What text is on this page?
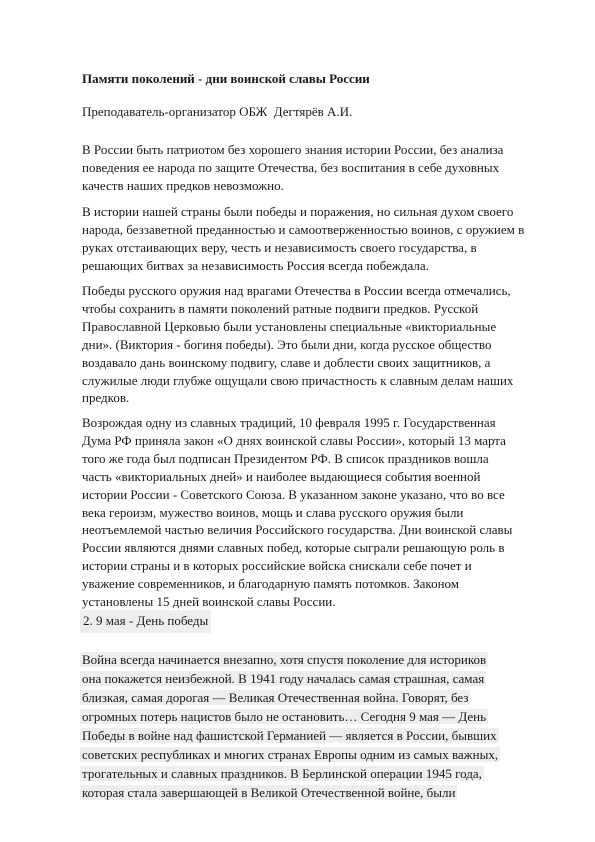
Памяти поколений - дни воинской славы России
Преподаватель-организатор ОБЖ  Дегтярёв А.И.
В России быть патриотом без хорошего знания истории России, без анализа
поведения ее народа по защите Отечества, без воспитания в себе духовных
качеств наших предков невозможно.
В истории нашей страны были победы и поражения, но сильная духом своего
народа, беззаветной преданностью и самоотверженностью воинов, с оружием в
руках отстаивающих веру, честь и независимость своего государства, в
решающих битвах за независимость Россия всегда побеждала.
Победы русского оружия над врагами Отечества в России всегда отмечались,
чтобы сохранить в памяти поколений ратные подвиги предков. Русской
Православной Церковью были установлены специальные «викториальные
дни». (Виктория - богиня победы). Это были дни, когда русское общество
воздавало дань воинскому подвигу, славе и доблести своих защитников, а
служилые люди глубже ощущали свою причастность к славным делам наших
предков.
Возрождая одну из славных традиций, 10 февраля 1995 г. Государственная
Дума РФ приняла закон «О днях воинской славы России», который 13 марта
того же года был подписан Президентом РФ. В список праздников вошла
часть «викториальных дней» и наиболее выдающиеся события военной
истории России - Советского Союза. В указанном законе указано, что во все
века героизм, мужество воинов, мощь и слава русского оружия были
неотъемлемой частью величия Российского государства. Дни воинской славы
России являются днями славных побед, которые сыграли решающую роль в
истории страны и в которых российские войска снискали себе почет и
уважение современников, и благодарную память потомков. Законом
установлены 15 дней воинской славы России.
2. 9 мая - День победы
Война всегда начинается внезапно, хотя спустя поколение для историков
она покажется неизбежной. В 1941 году началась самая страшная, самая
близкая, самая дорогая — Великая Отечественная война. Говорят, без
огромных потерь нацистов было не остановить… Сегодня 9 мая — День
Победы в войне над фашистской Германией — является в России, бывших
советских республиках и многих странах Европы одним из самых важных,
трогательных и славных праздников. В Берлинской операции 1945 года,
которая стала завершающей в Великой Отечественной войне, были
